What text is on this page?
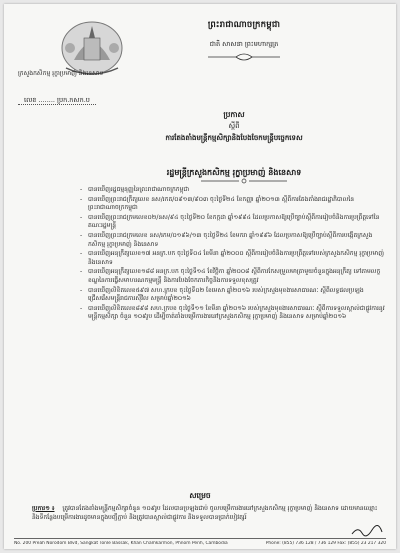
ក្រសួងកសិកម្ម រុក្ខាប្រមាញ់ និងនេសាទ
ព្រះរាជាណាចក្រកម្ពុជា
ជាតិ សាសនា ព្រះមហាក្សត្រ
លេខ ........ ប្រក.កសក.ប
ប្រកាស
ស្តីពី
ការតែងតាំងមន្ត្រីកម្មសិក្សានិងបែងចែកមន្ត្រីបច្ចេកទេស
រដ្ឋមន្ត្រីក្រសួងកសិកម្ម រុក្ខាប្រមាញ់ និងនេសាទ
- បានឃើញរដ្ឋធម្មនុញ្ញនៃព្រះរាជាណាចក្រកម្ពុជា
- បានឃើញព្រះរាជក្រឹត្យលេខ នស/រកត/០៩១៣/៩០៣ ចុះថ្ងៃទី២៤ ខែកញ្ញា ឆ្នាំ២០១៣ ស្តីពីការតែងតាំងរាជរដ្ឋាភិបាលនៃព្រះរាជាណាចក្រកម្ពុជា
- បានឃើញព្រះរាជក្រមលេខ០២/នស/៩៤ ចុះថ្ងៃទី២០ ខែកក្កដា ឆ្នាំ១៩៩៤ ដែលប្រកាសឱ្យប្រើច្បាប់ស្តីពីការរៀបចំនិងការប្រព្រឹត្តទៅនៃគណៈរដ្ឋមន្ត្រី
- បានឃើញព្រះរាជក្រមលេខ នស/រកម/០១៩៦/១៣ ចុះថ្ងៃទី២៤ ខែមករា ឆ្នាំ១៩៩៦ ដែលប្រកាសឱ្យប្រើច្បាប់ស្តីពីការបង្កើតក្រសួងកសិកម្ម រុក្ខាប្រមាញ់ និងនេសាទ
- បានឃើញអនុក្រឹត្យលេខ១៧ អនក្រ.បក ចុះថ្ងៃទី០៤ ខែមីនា ឆ្នាំ២០០០ ស្តីពីការរៀបចំនិងការប្រព្រឹត្តទៅរបស់ក្រសួងកសិកម្ម រុក្ខាប្រមាញ់ និងនេសាទ
- បានឃើញអនុក្រឹត្យលេខ១៨៨ អនក្រ.បក ចុះថ្ងៃទី១៤ ខែវិច្ឆិកា ឆ្នាំ២០០៨ ស្តីពីការកែសម្រួលមាត្រាមួយចំនួនក្នុងអនុក្រឹត្យ ទៅតាមលក្ខខណ្ឌនៃការធ្វើសមាហរណកម្មមន្ត្រី និងការបែងចែកភារកិច្ចនិងការទទួលខុសត្រូវ
- បានឃើញលិខិតលេខ៥៩៧ សហ.ក្របខ ចុះថ្ងៃទី០២ ខែមេសា ឆ្នាំ២០១៦ របស់ក្រសួងមុខងារសាធារណៈ ស្តីពីលទ្ធផលប្រឡងជ្រើសរើសមន្ត្រីរាជការស៊ីវិល សម្រាប់ឆ្នាំ២០១៦
- បានឃើញលិខិតលេខ៨៩៨ សហ.ក្របខ ចុះថ្ងៃទី១១ ខែមីនា ឆ្នាំ២០១៦ របស់ក្រសួងមុខងារសាធារណៈ ស្តីពីការទទួលស្គាល់ជាផ្លូវការនូវមន្ត្រីកម្មសិក្សា ចំនួន ១០៩រូប ដើម្បីចាត់តាំងបម្រើការងារនៅក្រសួងកសិកម្ម រុក្ខាប្រមាញ់ និងនេសាទ សម្រាប់ឆ្នាំ២០១៦
សម្រេច
ប្រការ១ ៖ ត្រូវបានតែងតាំងមន្ត្រីកម្មសិក្សាចំនួន ១០៩រូប ដែលបានប្រឡងជាប់ ចូលបម្រើការងារនៅក្រសួងកសិកម្ម រុក្ខាប្រមាញ់ និងនេសាទ ដោយមានឈ្មោះ និងទីកន្លែងបម្រើការងារដូចមានក្នុងបញ្ជីភ្ជាប់ និងត្រូវបានស្គាល់ជាផ្លូវការ និងទទួលបានប្រាក់បៀវត្សរ៍
No. 200 Preah Norodom Blvd, Sangkat Tonle Bassak, Khan Chamkarmon, Phnom Penh, Cambodia	Phone: (855) 736 128 / 736 129 Fax: (855) 23 217 320
